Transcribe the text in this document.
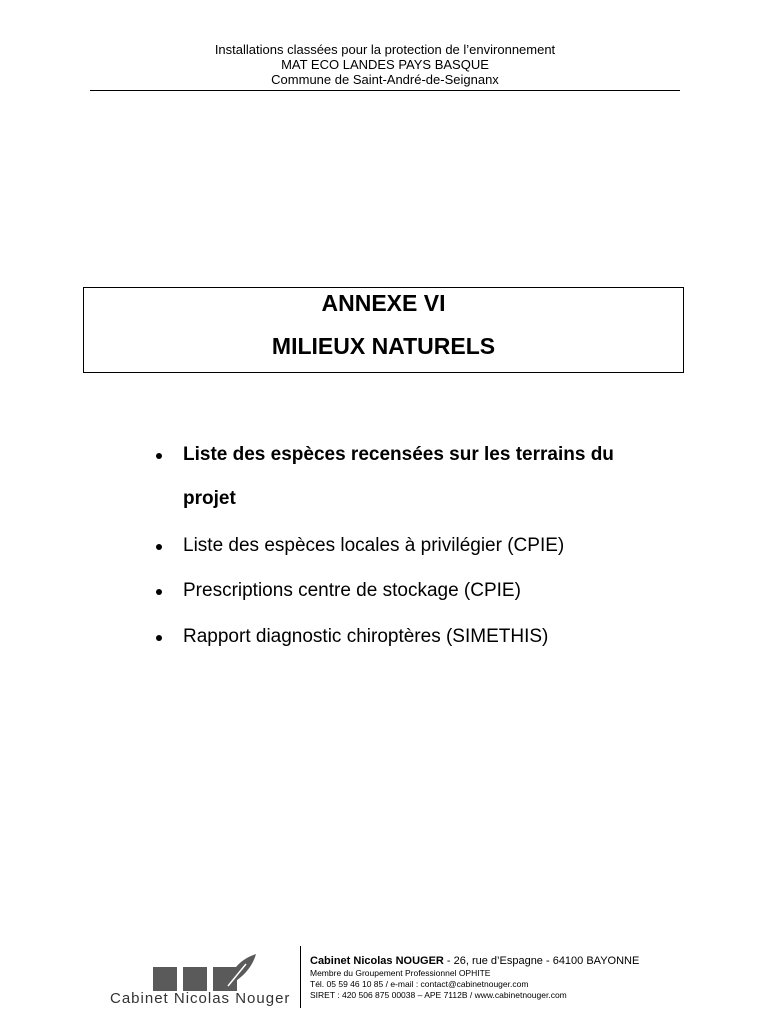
Installations classées pour la protection de l’environnement
MAT ECO LANDES PAYS BASQUE
Commune de Saint-André-de-Seignanx
ANNEXE VI
MILIEUX NATURELS
Liste des espèces recensées sur les terrains du
projet
Liste des espèces locales à privilégier (CPIE)
Prescriptions centre de stockage (CPIE)
Rapport diagnostic chiroptères (SIMETHIS)
Cabinet Nicolas Nouger
Cabinet Nicolas NOUGER - 26, rue d’Espagne - 64100 BAYONNE
Membre du Groupement Professionnel OPHITE
Tél. 05 59 46 10 85 / e-mail : contact@cabinetnouger.com
SIRET : 420 506 875 00038 – APE 7112B / www.cabinetnouger.com
